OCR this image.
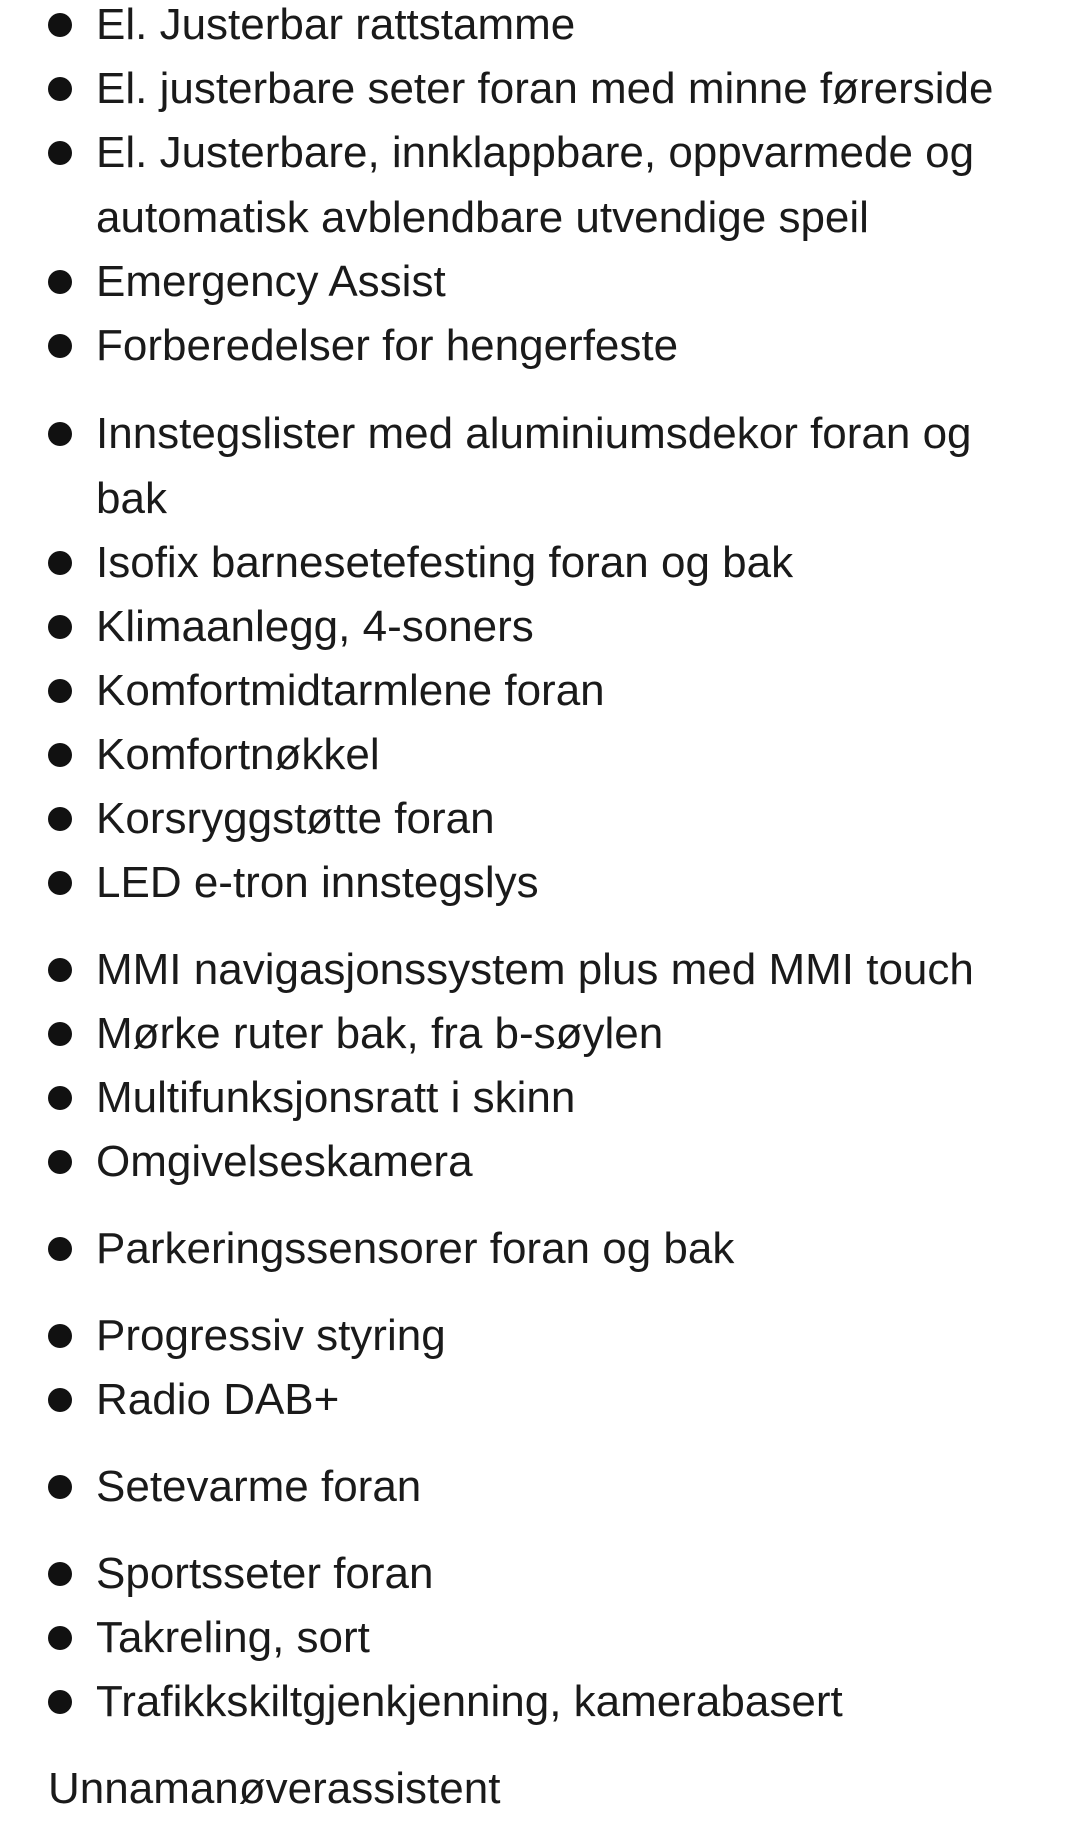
El. Justerbar rattstamme

El. justerbare seter foran med minne førerside

El. Justerbare, innklappbare, oppvarmede og automatisk avblendbare utvendige speil

Emergency Assist

Forberedelser for hengerfeste

Innstegslister med aluminiumsdekor foran og bak

Isofix barnesetefesting foran og bak

Klimaanlegg, 4-soners

Komfortmidtarmlene foran

Komfortnøkkel

Korsryggstøtte foran

LED e-tron innstegslys

MMI navigasjonssystem plus med MMI touch

Mørke ruter bak, fra b-søylen

Multifunksjonsratt i skinn

Omgivelseskamera

Parkeringssensorer foran og bak

Progressiv styring

Radio DAB+

Setevarme foran

Sportsseter foran

Takreling, sort

Trafikkskiltgjenkjenning, kamerabasert

Unnamanøverassistent
